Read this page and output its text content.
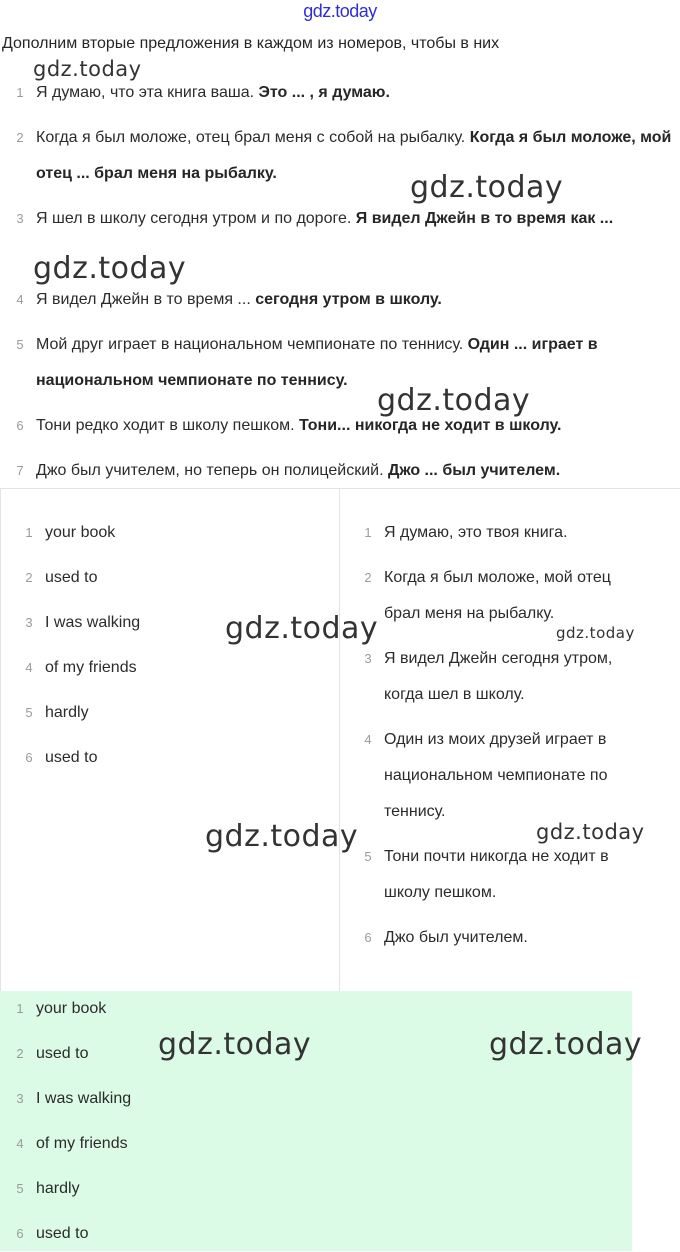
gdz.today
Дополним вторые предложения в каждом из номеров, чтобы в них
gdz.today
1 Я думаю, что эта книга ваша. Это ... , я думаю.
2 Когда я был моложе, отец брал меня с собой на рыбалку. Когда я был моложе, мой отец ... брал меня на рыбалку.
3 Я шел в школу сегодня утром и по дороге. Я видел Джейн в то время как ...
4 Я видел Джейн в то время ... сегодня утром в школу.
5 Мой друг играет в национальном чемпионате по теннису. Один ... играет в национальном чемпионате по теннису.
6 Тони редко ходит в школу пешком. Тони... никогда не ходит в школу.
7 Джо был учителем, но теперь он полицейский. Джо ... был учителем.
gdz.today
gdz.today
gdz.today
1 your book
2 used to
3 I was walking
4 of my friends
5 hardly
6 used to
1 Я думаю, это твоя книга.
2 Когда я был моложе, мой отец
брал меня на рыбалку.
3 Я видел Джейн сегодня утром,
когда шел в школу.
4 Один из моих друзей играет в
национальном чемпионате по
теннису.
5 Тони почти никогда не ходит в
школу пешком.
6 Джо был учителем.
gdz.today	gdz.today
gdz.today	gdz.today
1 your book
2 used to
3 I was walking
4 of my friends
5 hardly
6 used to
gdz.today	gdz.today
